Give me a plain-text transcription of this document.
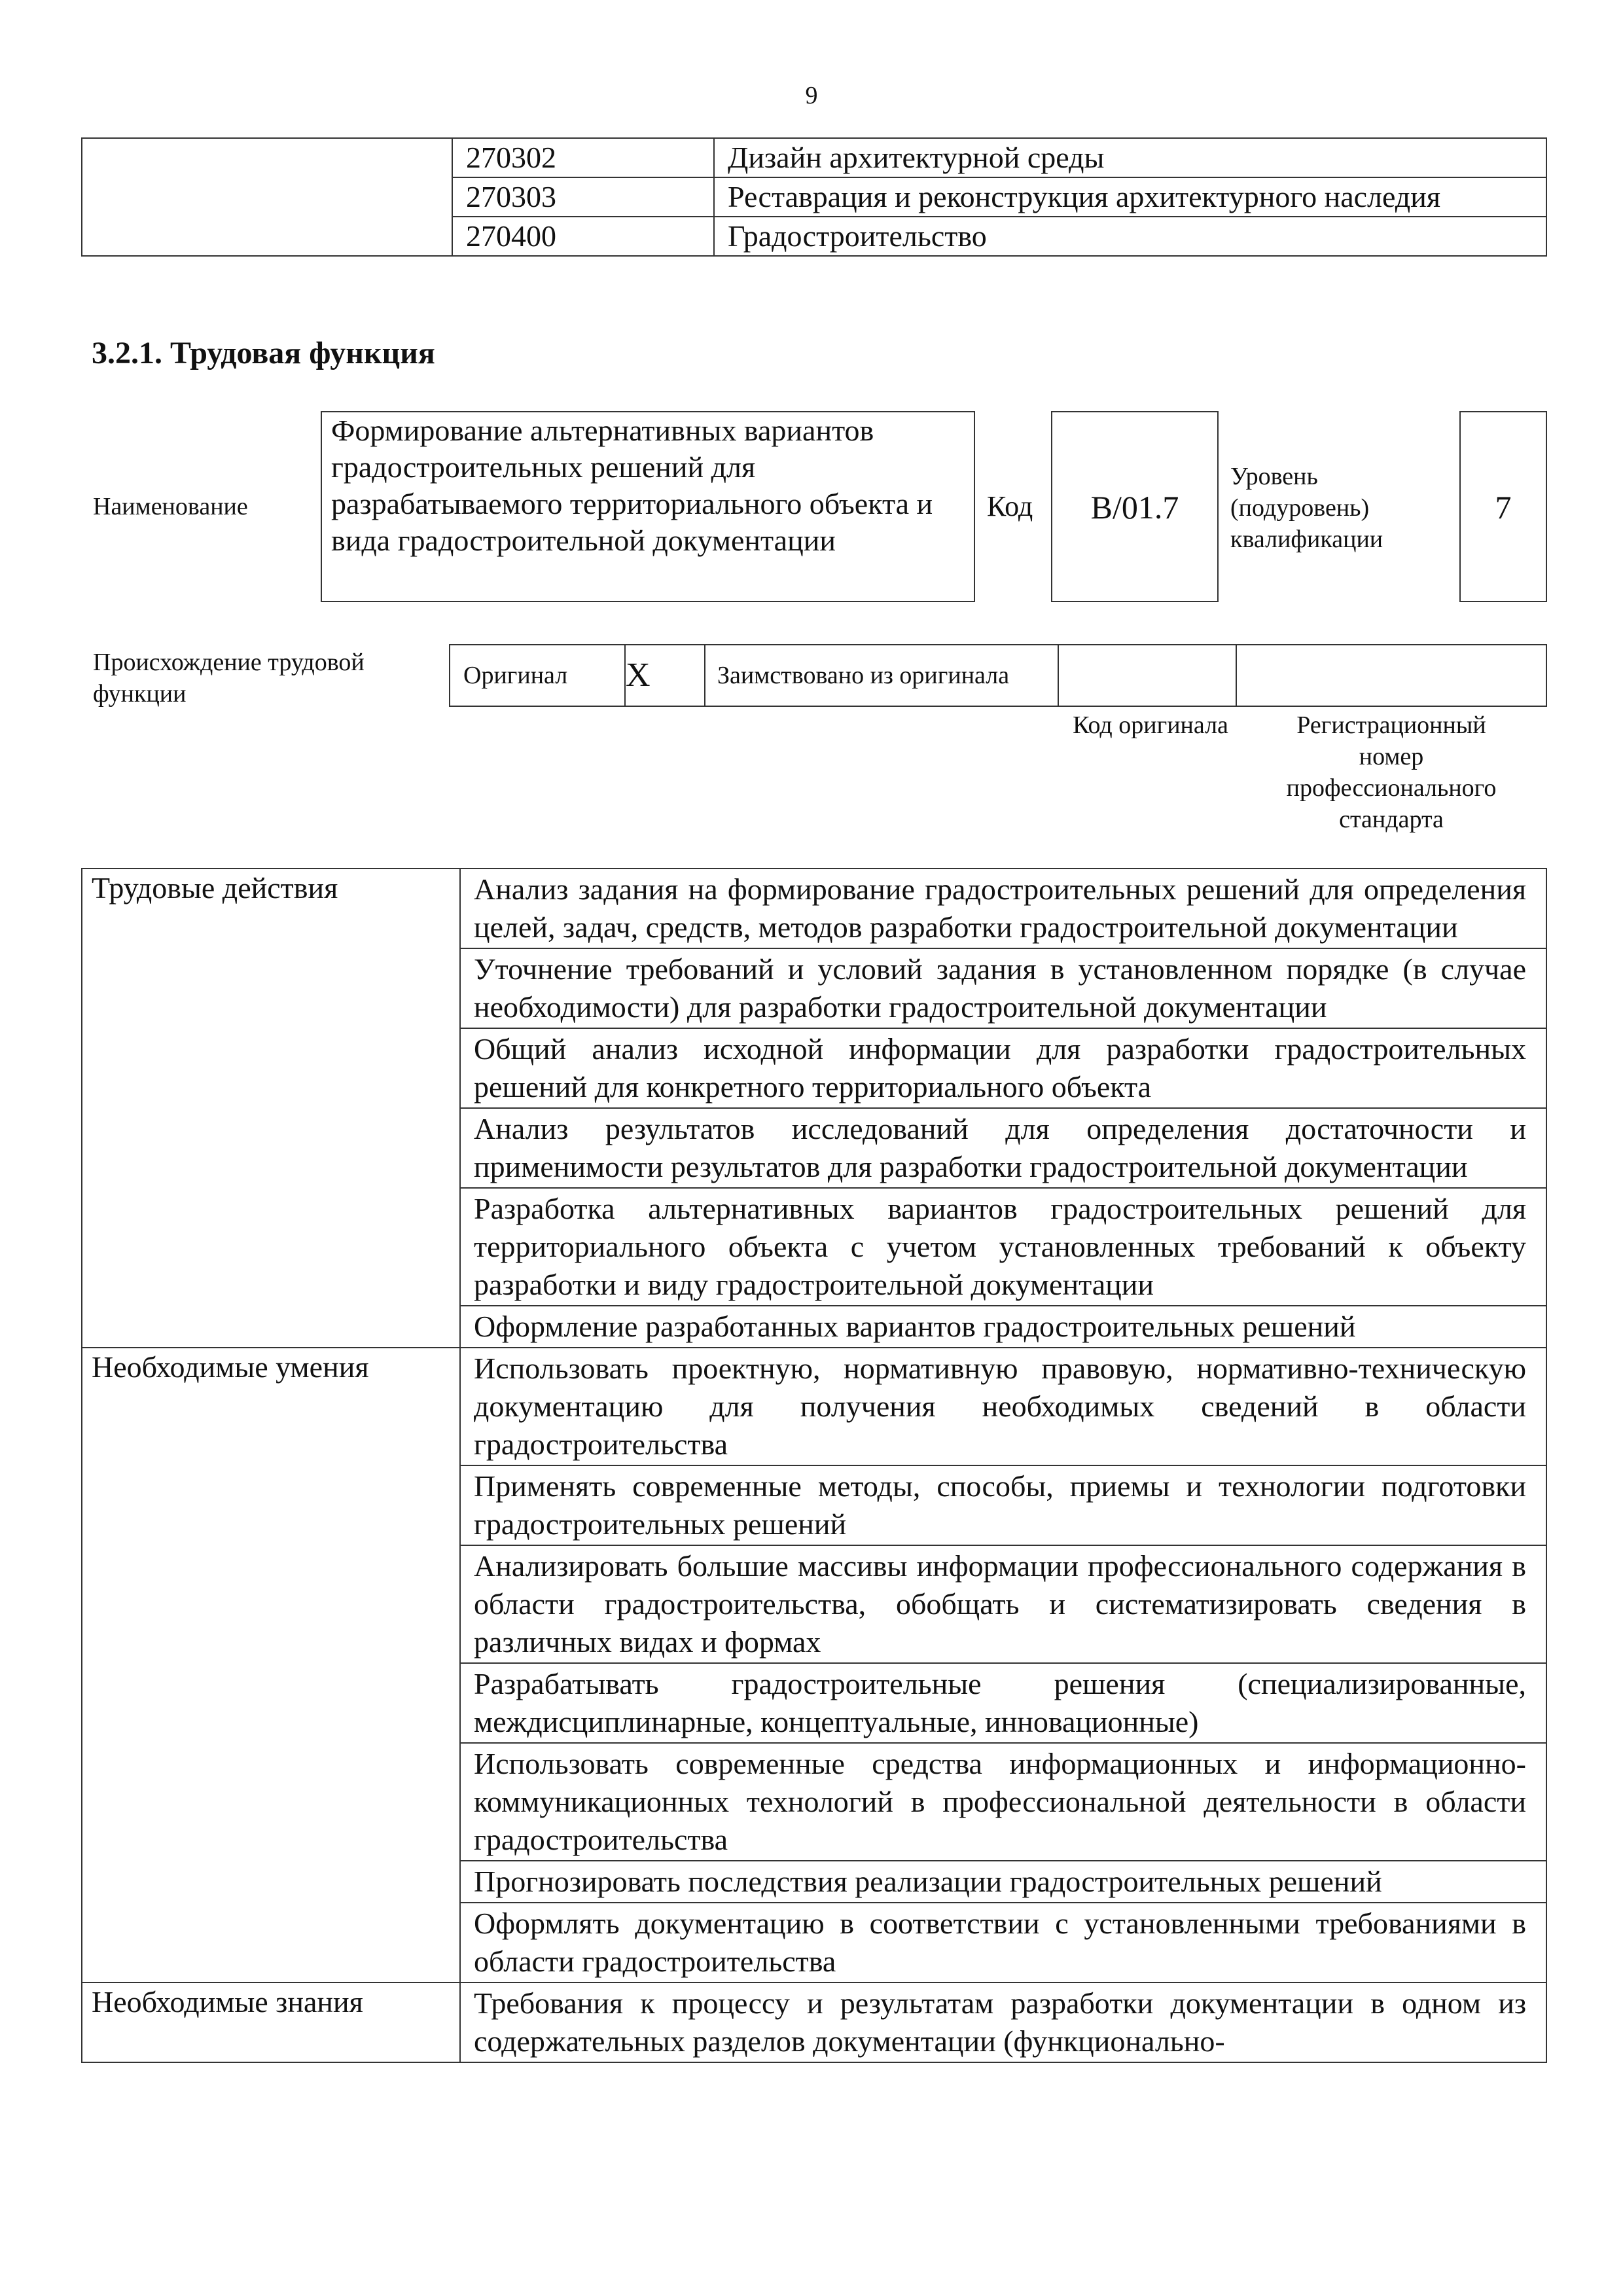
9
	270302	Дизайн архитектурной среды
	270303	Реставрация и реконструкция архитектурного наследия
	270400	Градостроительство
3.2.1. Трудовая функция
Наименование
Формирование альтернативных вариантов градостроительных решений для разрабатываемого территориального объекта и вида градостроительной документации
Код	B/01.7
Уровень (подуровень) квалификации
7
Происхождение трудовой функции
Оригинал	X	Заимствовано из оригинала		
Код оригинала	Регистрационный номер профессионального стандарта
Трудовые действия	Анализ задания на формирование градостроительных решений для определения целей, задач, средств, методов разработки градостроительной документации
	Уточнение требований и условий задания в установленном порядке (в случае необходимости) для разработки градостроительной документации
	Общий анализ исходной информации для разработки градостроительных решений для конкретного территориального объекта
	Анализ результатов исследований для определения достаточности и применимости результатов для разработки градостроительной документации
	Разработка альтернативных вариантов градостроительных решений для территориального объекта с учетом установленных требований к объекту разработки и виду градостроительной документации
	Оформление разработанных вариантов градостроительных решений
Необходимые умения	Использовать проектную, нормативную правовую, нормативно-техническую документацию для получения необходимых сведений в области градостроительства
	Применять современные методы, способы, приемы и технологии подготовки градостроительных решений
	Анализировать большие массивы информации профессионального содержания в области градостроительства, обобщать и систематизировать сведения в различных видах и формах
	Разрабатывать градостроительные решения (специализированные, междисциплинарные, концептуальные, инновационные)
	Использовать современные средства информационных и информационно-коммуникационных технологий в профессиональной деятельности в области градостроительства
	Прогнозировать последствия реализации градостроительных решений
	Оформлять документацию в соответствии с установленными требованиями в области градостроительства
Необходимые знания	Требования к процессу и результатам разработки документации в одном из содержательных разделов документации (функционально-
